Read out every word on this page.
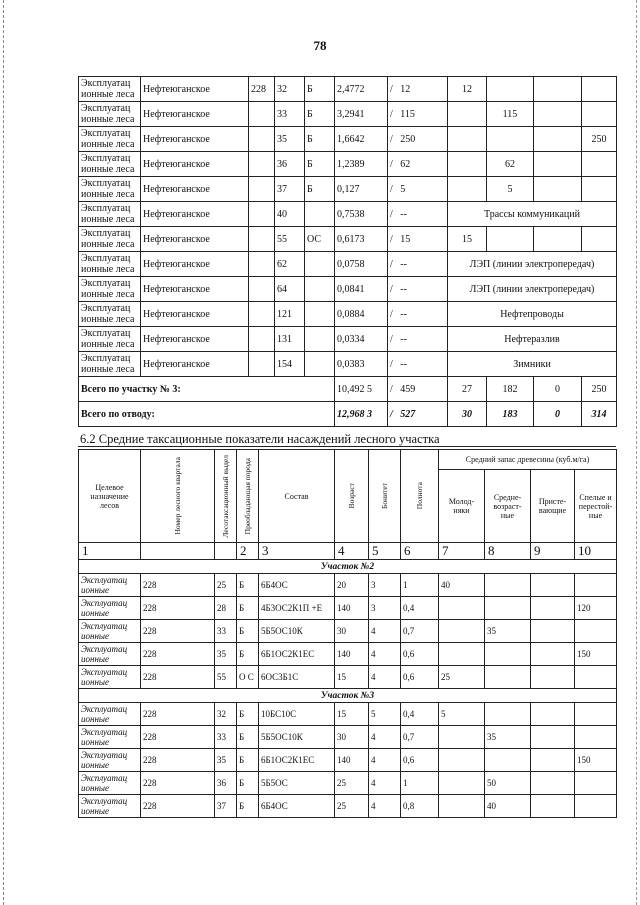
78
Эксплуатац ионные леса	Нефтеюганское	228	32	Б	2,4772	/ 12	12			
Эксплуатац ионные леса	Нефтеюганское		33	Б	3,2941	/ 115		115		
Эксплуатац ионные леса	Нефтеюганское		35	Б	1,6642	/ 250				250
Эксплуатац ионные леса	Нефтеюганское		36	Б	1,2389	/ 62		62		
Эксплуатац ионные леса	Нефтеюганское		37	Б	0,127	/ 5		5		
Эксплуатац ионные леса	Нефтеюганское		40		0,7538	/ --	Трассы коммуникаций			
Эксплуатац ионные леса	Нефтеюганское		55	ОС	0,6173	/ 15	15			
Эксплуатац ионные леса	Нефтеюганское		62		0,0758	/ --	ЛЭП (линии электропередач)			
Эксплуатац ионные леса	Нефтеюганское		64		0,0841	/ --	ЛЭП (линии электропередач)			
Эксплуатац ионные леса	Нефтеюганское		121		0,0884	/ --	Нефтепроводы			
Эксплуатац ионные леса	Нефтеюганское		131		0,0334	/ --	Нефтеразлив			
Эксплуатац ионные леса	Нефтеюганское		154		0,0383	/ --	Зимники			
Всего по участку № 3:					10,492 5	/ 459	27	182	0	250
Всего по отводу:					12,968 3	/ 527	30	183	0	314
6.2 Средние таксационные показатели насаждений лесного участка
Целевое назначение лесов	Номер лесного квартала	Лесотаксационный выдел	Преобладающая порода	Состав	Возраст	Бонитет	Полнота	Средний запас древесины (куб.м/га)			
								Молод-няки	Средне-возраст-ные	Присте-вающие	Спелые и перестой-ные
1			2	3	4	5	6	7	8	9	10
Участок №2											
Эксплуатац ионные	228	25	Б	6Б4ОС	20	3	1	40			
Эксплуатац ионные	228	28	Б	4Б3ОС2К1П +Е	140	3	0,4				120
Эксплуатац ионные	228	33	Б	5Б5ОС10К	30	4	0,7		35		
Эксплуатац ионные	228	35	Б	6Б1ОС2К1ЕС	140	4	0,6				150
Эксплуатац ионные	228	55	О С	6ОС3Б1С	15	4	0,6	25			
Участок №3											
Эксплуатац ионные	228	32	Б	10БС10С	15	5	0,4	5			
Эксплуатац ионные	228	33	Б	5Б5ОС10К	30	4	0,7		35		
Эксплуатац ионные	228	35	Б	6Б1ОС2К1ЕС	140	4	0,6				150
Эксплуатац ионные	228	36	Б	5Б5ОС	25	4	1		50		
Эксплуатац ионные	228	37	Б	6Б4ОС	25	4	0,8		40		
